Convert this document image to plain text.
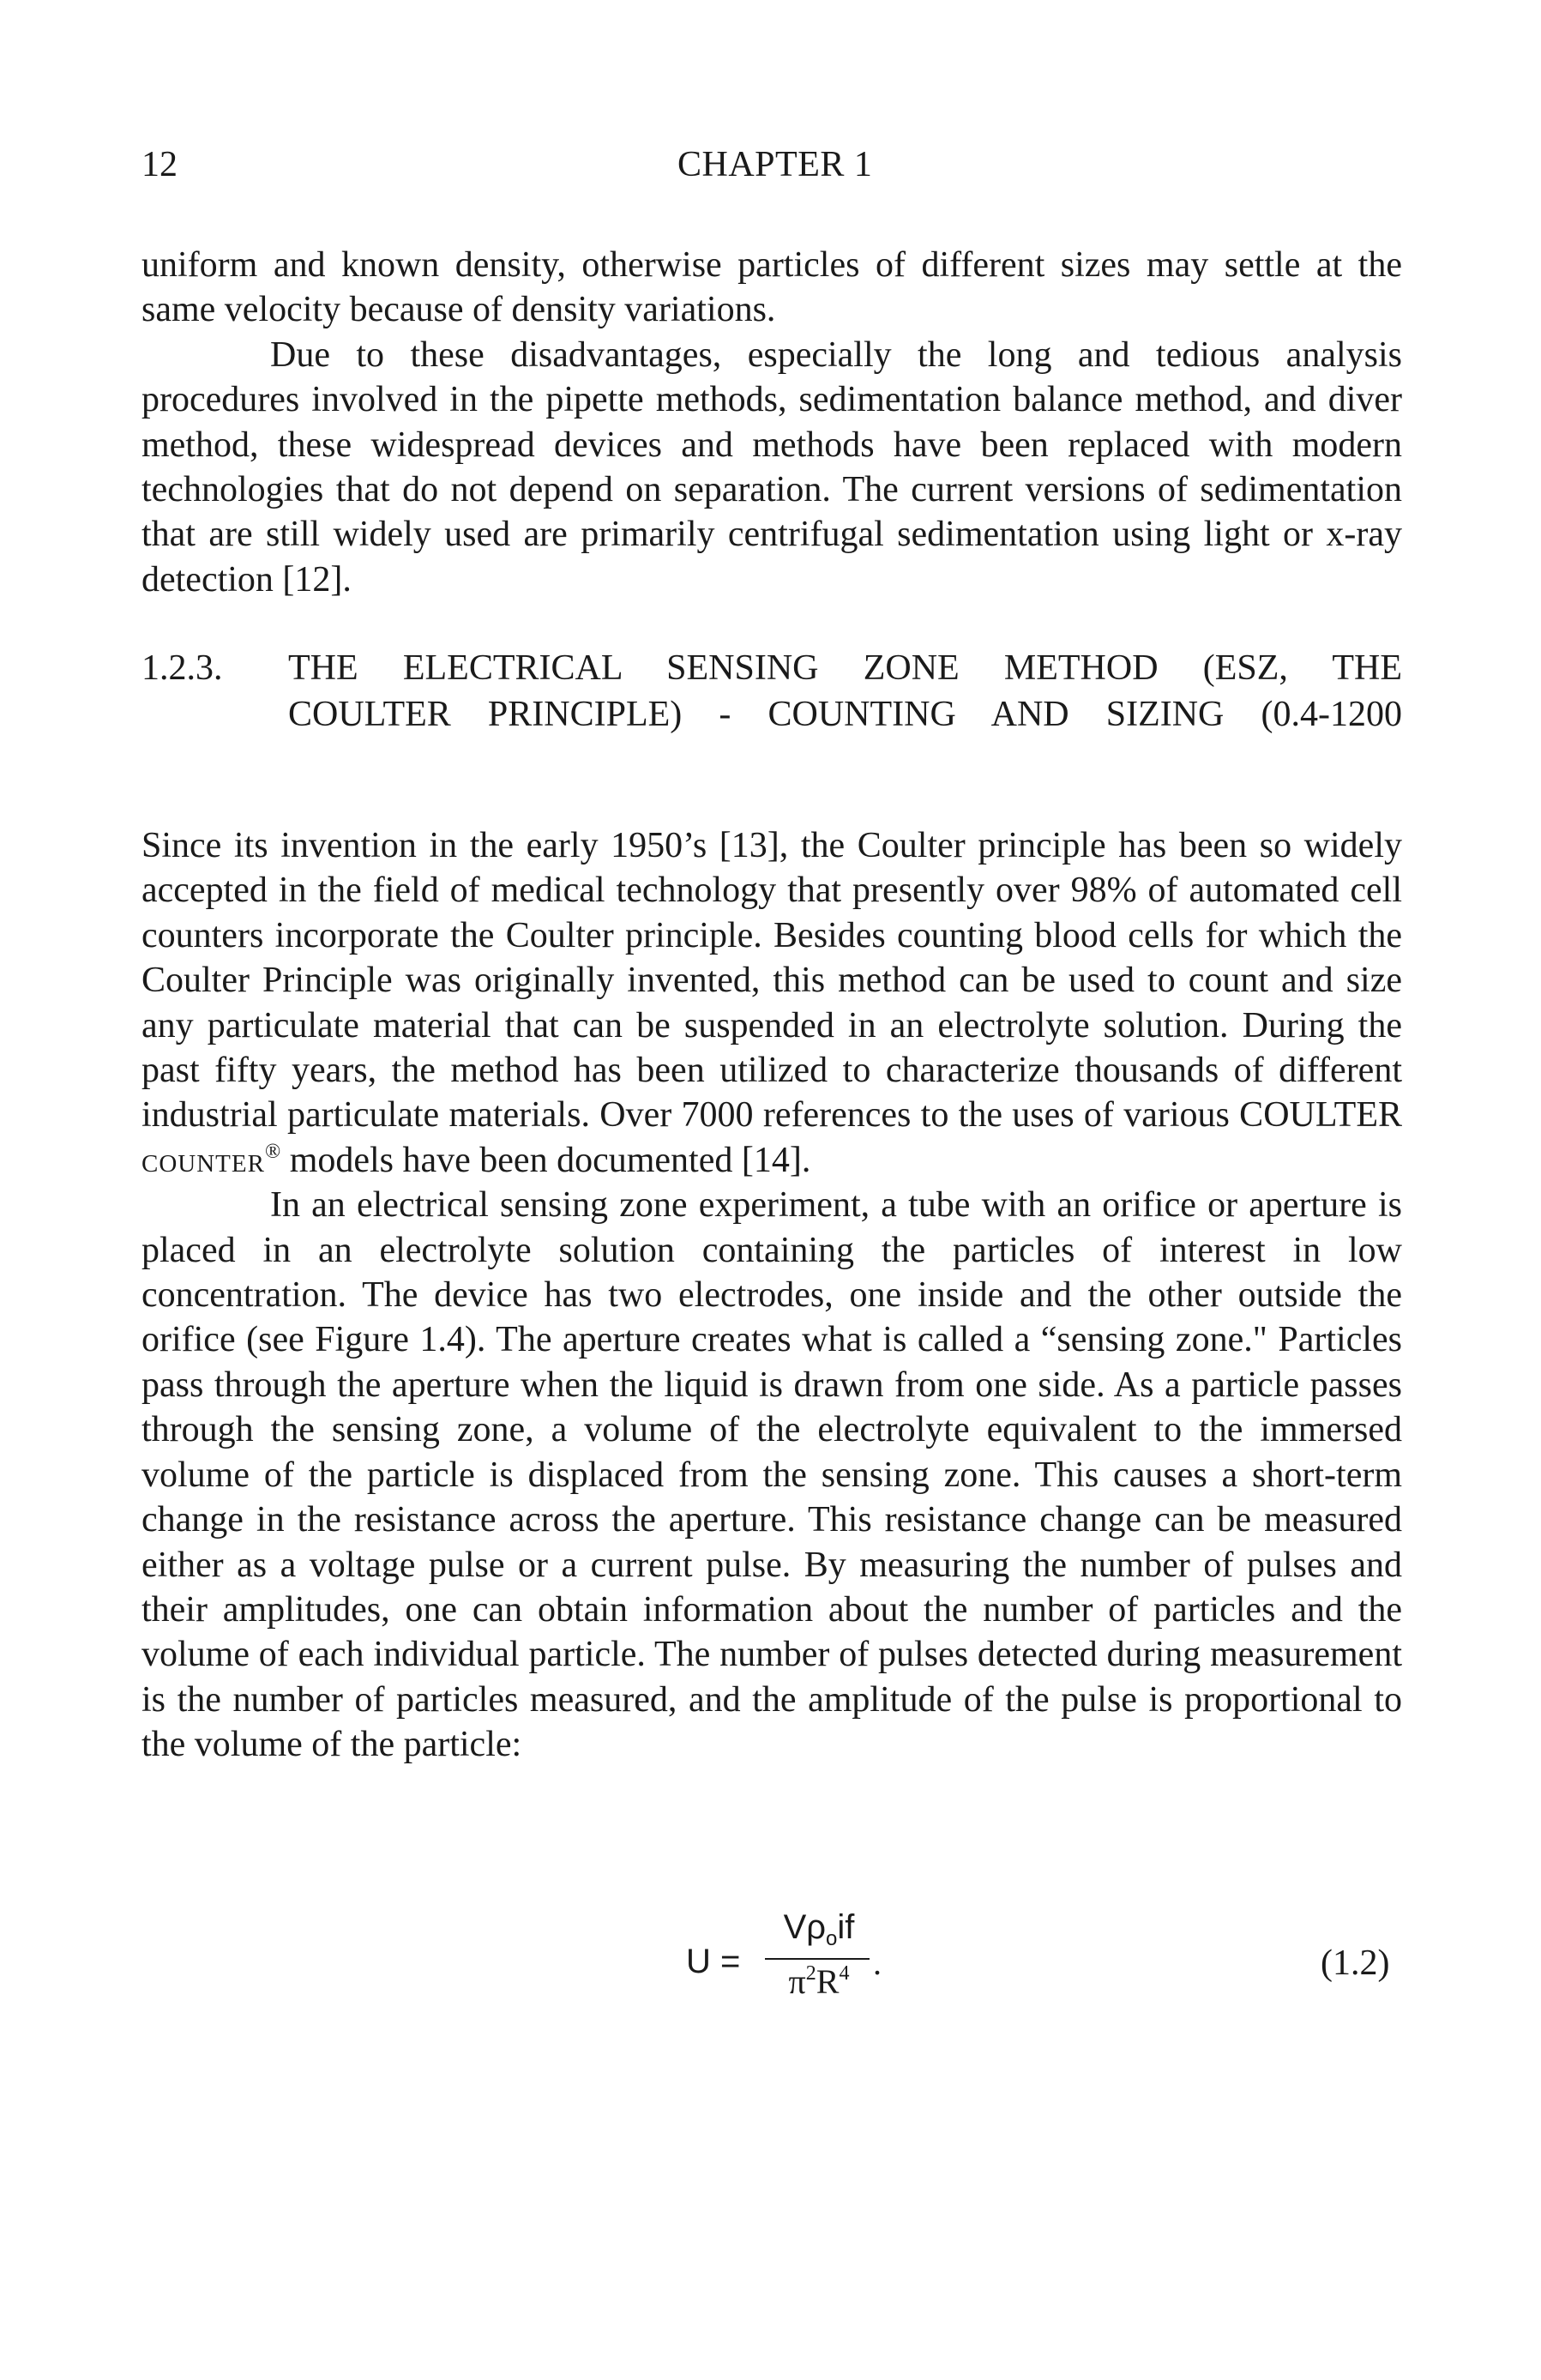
12	CHAPTER 1

uniform and known density, otherwise particles of different sizes may settle at the same velocity because of density variations.

Due to these disadvantages, especially the long and tedious analysis procedures involved in the pipette methods, sedimentation balance method, and diver method, these widespread devices and methods have been replaced with modern technologies that do not depend on separation. The current versions of sedimentation that are still widely used are primarily centrifugal sedimentation using light or x-ray detection [12].

1.2.3. THE ELECTRICAL SENSING ZONE METHOD (ESZ, THE
COULTER PRINCIPLE) - COUNTING AND SIZING (0.4-1200

Since its invention in the early 1950’s [13], the Coulter principle has been so widely accepted in the field of medical technology that presently over 98% of automated cell counters incorporate the Coulter principle. Besides counting blood cells for which the Coulter Principle was originally invented, this method can be used to count and size any particulate material that can be suspended in an electrolyte solution. During the past fifty years, the method has been utilized to characterize thousands of different industrial particulate materials. Over 7000 references to the uses of various COULTER counter® models have been documented [14].

In an electrical sensing zone experiment, a tube with an orifice or aperture is placed in an electrolyte solution containing the particles of interest in low concentration. The device has two electrodes, one inside and the other outside the orifice (see Figure 1.4). The aperture creates what is called a “sensing zone." Particles pass through the aperture when the liquid is drawn from one side. As a particle passes through the sensing zone, a volume of the electrolyte equivalent to the immersed volume of the particle is displaced from the sensing zone. This causes a short-term change in the resistance across the aperture. This resistance change can be measured either as a voltage pulse or a current pulse. By measuring the number of pulses and their amplitudes, one can obtain information about the number of particles and the volume of each individual particle. The number of pulses detected during measurement is the number of particles measured, and the amplitude of the pulse is proportional to the volume of the particle:

U =
$V\rho_oif$
$\pi^2R^4$ .	(1.2)
